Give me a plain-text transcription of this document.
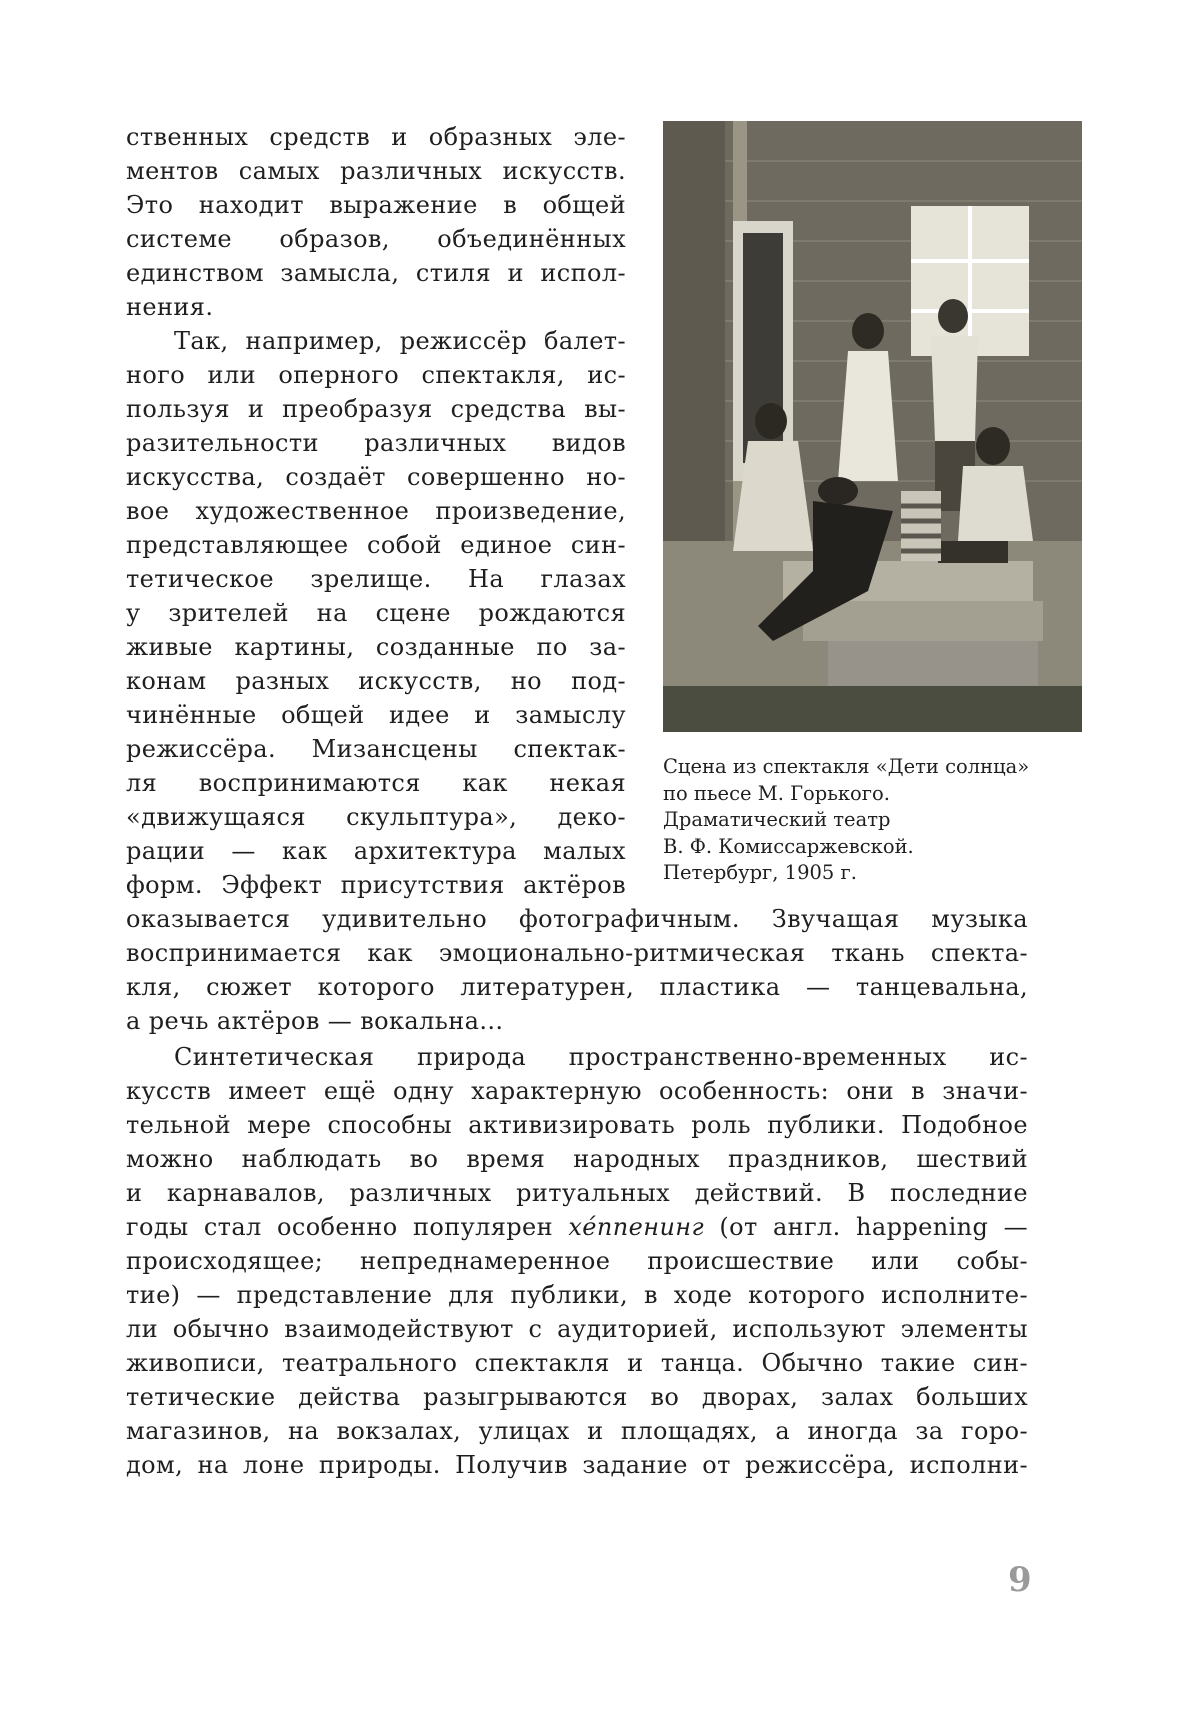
Сцена из спектакля «Дети солнца»
по пьесе М. Горького.
Драматический театр
В. Ф. Комиссаржевской.
Петербург, 1905 г.
ственных средств и образных эле-
ментов самых различных искусств.
Это находит выражение в общей
системе образов, объединённых
единством замысла, стиля и испол-
нения.
Так, например, режиссёр балет-
ного или оперного спектакля, ис-
пользуя и преобразуя средства вы-
разительности различных видов
искусства, создаёт совершенно но-
вое художественное произведение,
представляющее собой единое син-
тетическое зрелище. На глазах
у зрителей на сцене рождаются
живые картины, созданные по за-
конам разных искусств, но под-
чинённые общей идее и замыслу
режиссёра. Мизансцены спектак-
ля воспринимаются как некая
«движущаяся скульптура», деко-
рации — как архитектура малых
форм. Эффект присутствия актёров
оказывается удивительно фотографичным. Звучащая музыка
воспринимается как эмоционально-ритмическая ткань спекта-
кля, сюжет которого литературен, пластика — танцевальна,
а речь актёров — вокальна...
Синтетическая природа пространственно-временных ис-
кусств имеет ещё одну характерную особенность: они в значи-
тельной мере способны активизировать роль публики. Подобное
можно наблюдать во время народных праздников, шествий
и карнавалов, различных ритуальных действий. В последние
годы стал особенно популярен хе́ппенинг (от англ. happening —
происходящее; непреднамеренное происшествие или собы-
тие) — представление для публики, в ходе которого исполните-
ли обычно взаимодействуют с аудиторией, используют элементы
живописи, театрального спектакля и танца. Обычно такие син-
тетические действа разыгрываются во дворах, залах больших
магазинов, на вокзалах, улицах и площадях, а иногда за горо-
дом, на лоне природы. Получив задание от режиссёра, исполни-
9
